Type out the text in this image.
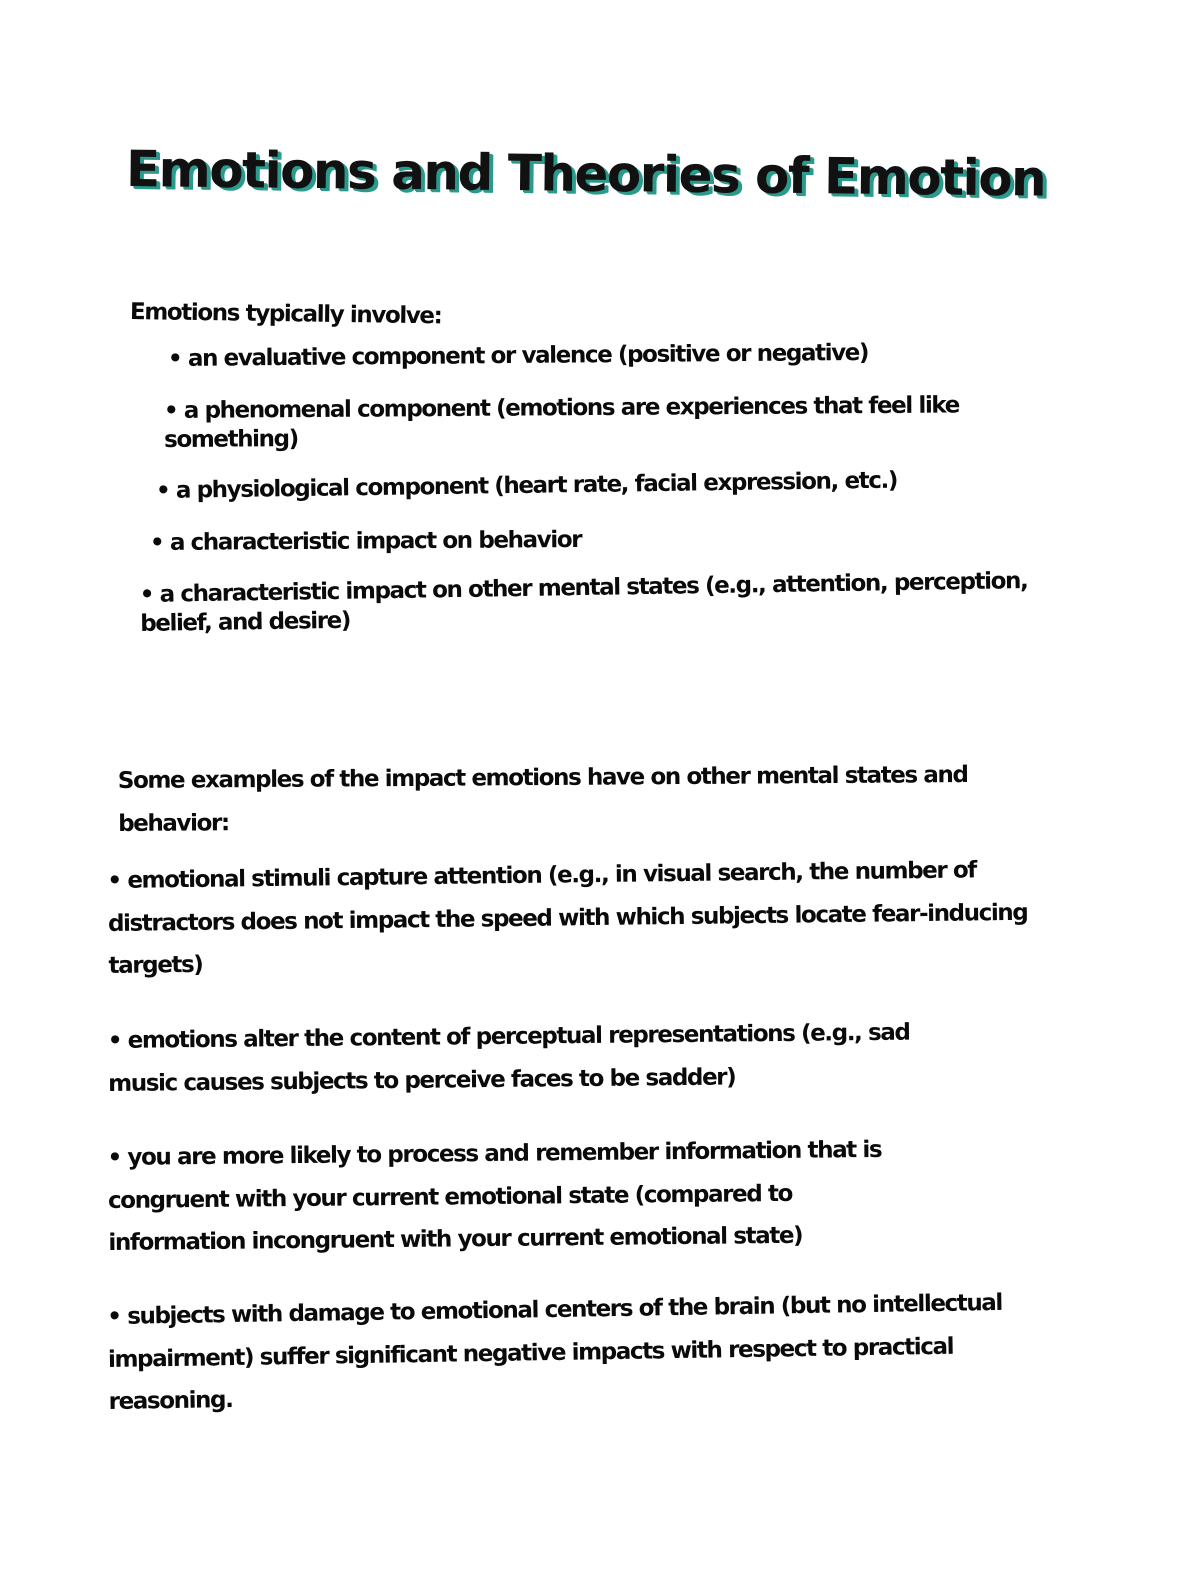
Emotions and Theories of Emotion

Emotions typically involve:

• an evaluative component or valence (positive or negative)
• a phenomenal component (emotions are experiences that feel like something)
• a physiological component (heart rate, facial expression, etc.)
• a characteristic impact on behavior
• a characteristic impact on other mental states (e.g., attention, perception, belief, and desire)

Some examples of the impact emotions have on other mental states and behavior:

• emotional stimuli capture attention (e.g., in visual search, the number of distractors does not impact the speed with which subjects locate fear-inducing targets)
• emotions alter the content of perceptual representations (e.g., sad music causes subjects to perceive faces to be sadder)
• you are more likely to process and remember information that is congruent with your current emotional state (compared to information incongruent with your current emotional state)
• subjects with damage to emotional centers of the brain (but no intellectual impairment) suffer significant negative impacts with respect to practical reasoning.
